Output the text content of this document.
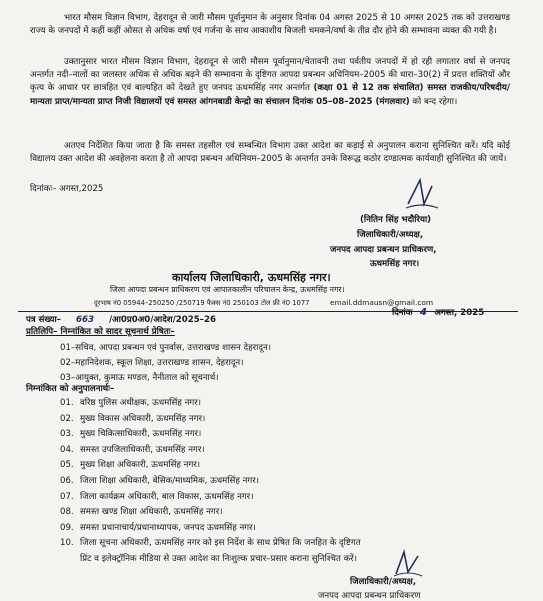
भारत मौसम विज्ञान विभाग, देहरादून से जारी मौसम पूर्वानुमान के अनुसार दिनांक 04 अगस्त 2025 से 10 अगस्त 2025 तक को उत्तराखण्ड राज्य के जनपदों में कहीं कहीं ओसत से अधिक वर्षा एवं गर्जना के साथ आकाशीय बिजली चमकने/वर्षा के तीव्र दौर होने की सम्भावना व्यक्त की गयी है।
उक्तानुसार भारत मौसम विज्ञान विभाग, देहरादून से जारी मौसम पूर्वानुमान/चेतावनी तथा पर्वतीय जनपदों में हो रही लगातार वर्षा से जनपद अन्तर्गत नदी–नालों का जलस्तर अधिक से अधिक बढ़ने की सम्भावना के दृष्टिगत आपदा प्रबन्धन अधिनियम–2005 की धारा–30(2) में प्रदत्त शक्तियों और कृत्य के आधार पर छात्रहित एवं बाल्यहित को देखते हुए जनपद ऊधमसिंह नगर अन्तर्गत (कक्षा 01 से 12 तक संचालित) समस्त राजकीय/परिषदीय/मान्यता प्राप्त/मान्यता प्राप्त निजी विद्यालयों एवं समस्त आंगनबाडी केन्द्रो का संचालन दिनांक 05–08–2025 (मंगलवार) को बन्द रहेगा।
अतएव निर्देशित किया जाता है कि समस्त तहसील एवं सम्बन्धित विभाग उक्त आदेश का कड़ाई से अनुपालन कराना सुनिश्चित करें। यदि कोई विद्यालय उक्त आदेश की अवहेलना करता है तो आपदा प्रबन्धन अधिनियम–2005 के अन्तर्गत उनके विरूद्ध कठोर दण्डात्मक कार्यवाही सुनिश्चित की जायें।
दिनांकः– अगस्त,2025
(नितिन सिंह भदौरिया)
जिलाधिकारी/अध्यक्ष,
जनपद आपदा प्रबन्धन प्राधिकरण,
ऊधमसिंह नगर।
कार्यालय जिलाधिकारी, ऊधमसिंह नगर।
जिला आपदा प्रबन्धन प्राधिकरण एवं आपातकालीन परिचालन केन्द्र, ऊधमसिंह नगर।
दूरभाष नं0 05944–250250 /250719 फैक्स नं0 250103 टोल फ्री नं0 1077	email.ddmausn@gmail.com
पत्र संख्या– 663 /आ0प्र0अ0/आदेश/2025–26
दिनांक 4 अगस्त, 2025
प्रतिलिपि– निम्नांकित को सादर सूचनार्थ प्रेषितः–
01–सचिव, आपदा प्रबन्धन एवं पुनर्वास, उत्तराखण्ड शासन देहरादून।
02–महानिदेशक, स्कूल शिक्षा, उत्तराखण्ड शासन, देहरादून।
03–आयुक्त, कुमाऊ मण्डल, नैनीताल को सूचनार्थ।
निम्नांकित को अनुपालनार्थः–
01. वरिष्ठ पुलिस अधीक्षक, ऊधमसिंह नगर।
02. मुख्य विकास अधिकारी, ऊधमसिंह नगर।
03. मुख्य चिकित्साधिकारी, ऊधमसिंह नगर।
04. समस्त उपजिलाधिकारी, ऊधमसिंह नगर।
05. मुख्य शिक्षा अधिकारी, ऊधमसिंह नगर।
06. जिला शिक्षा अधिकारी, बेसिक/माध्यमिक, ऊधमसिंह नगर।
07. जिला कार्यक्रम अधिकारी, बाल विकास, ऊधमसिंह नगर।
08. समस्त खण्ड शिक्षा अधिकारी, ऊधमसिंह नगर।
09. समस्त प्रधानाचार्य/प्रधानाध्यापक, जनपद ऊधमसिंह नगर।
10. जिला सूचना अधिकारी, ऊधमसिंह नगर को इस निर्देश के साथ प्रेषित कि जनहित के दृष्टिगत
प्रिंट व इलेक्ट्रॉनिक मीडिया से उक्त आदेश का निःशुल्क प्रचार–प्रसार कराना सुनिश्चित करें।
जिलाधिकारी/अध्यक्ष,
जनपद आपदा प्रबन्धन प्राधिकरण
